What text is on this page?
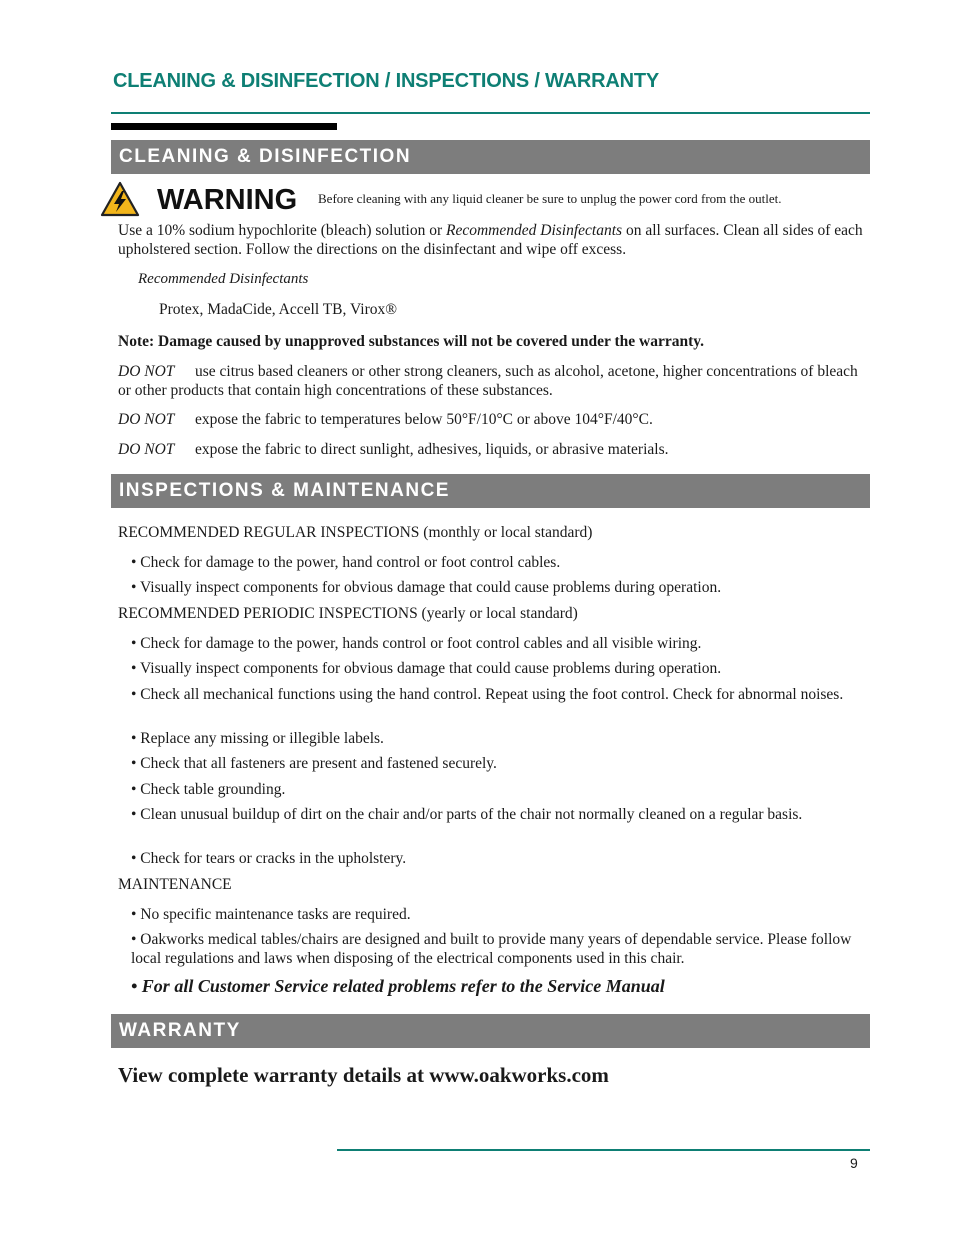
CLEANING & DISINFECTION / INSPECTIONS / WARRANTY
CLEANING & DISINFECTION

WARNING Before cleaning with any liquid cleaner be sure to unplug the power cord from the outlet.

Use a 10% sodium hypochlorite (bleach) solution or Recommended Disinfectants on all surfaces. Clean all sides of each upholstered section. Follow the directions on the disinfectant and wipe off excess.

Recommended Disinfectants

Protex, MadaCide, Accell TB, Virox®

Note: Damage caused by unapproved substances will not be covered under the warranty.

DO NOT use citrus based cleaners or other strong cleaners, such as alcohol, acetone, higher concentrations of bleach or other products that contain high concentrations of these substances.

DO NOT expose the fabric to temperatures below 50°F/10°C or above 104°F/40°C.

DO NOT expose the fabric to direct sunlight, adhesives, liquids, or abrasive materials.

INSPECTIONS & MAINTENANCE

RECOMMENDED REGULAR INSPECTIONS (monthly or local standard)

• Check for damage to the power, hand control or foot control cables.

• Visually inspect components for obvious damage that could cause problems during operation.

RECOMMENDED PERIODIC INSPECTIONS (yearly or local standard)

• Check for damage to the power, hands control or foot control cables and all visible wiring.

• Visually inspect components for obvious damage that could cause problems during operation.

• Check all mechanical functions using the hand control. Repeat using the foot control. Check for abnormal noises.

• Replace any missing or illegible labels.

• Check that all fasteners are present and fastened securely.

• Check table grounding.

• Clean unusual buildup of dirt on the chair and/or parts of the chair not normally cleaned on a regular basis.

• Check for tears or cracks in the upholstery.

MAINTENANCE

• No specific maintenance tasks are required.

• Oakworks medical tables/chairs are designed and built to provide many years of dependable service. Please follow local regulations and laws when disposing of the electrical components used in this chair.

• For all Customer Service related problems refer to the Service Manual

WARRANTY

View complete warranty details at www.oakworks.com

9
